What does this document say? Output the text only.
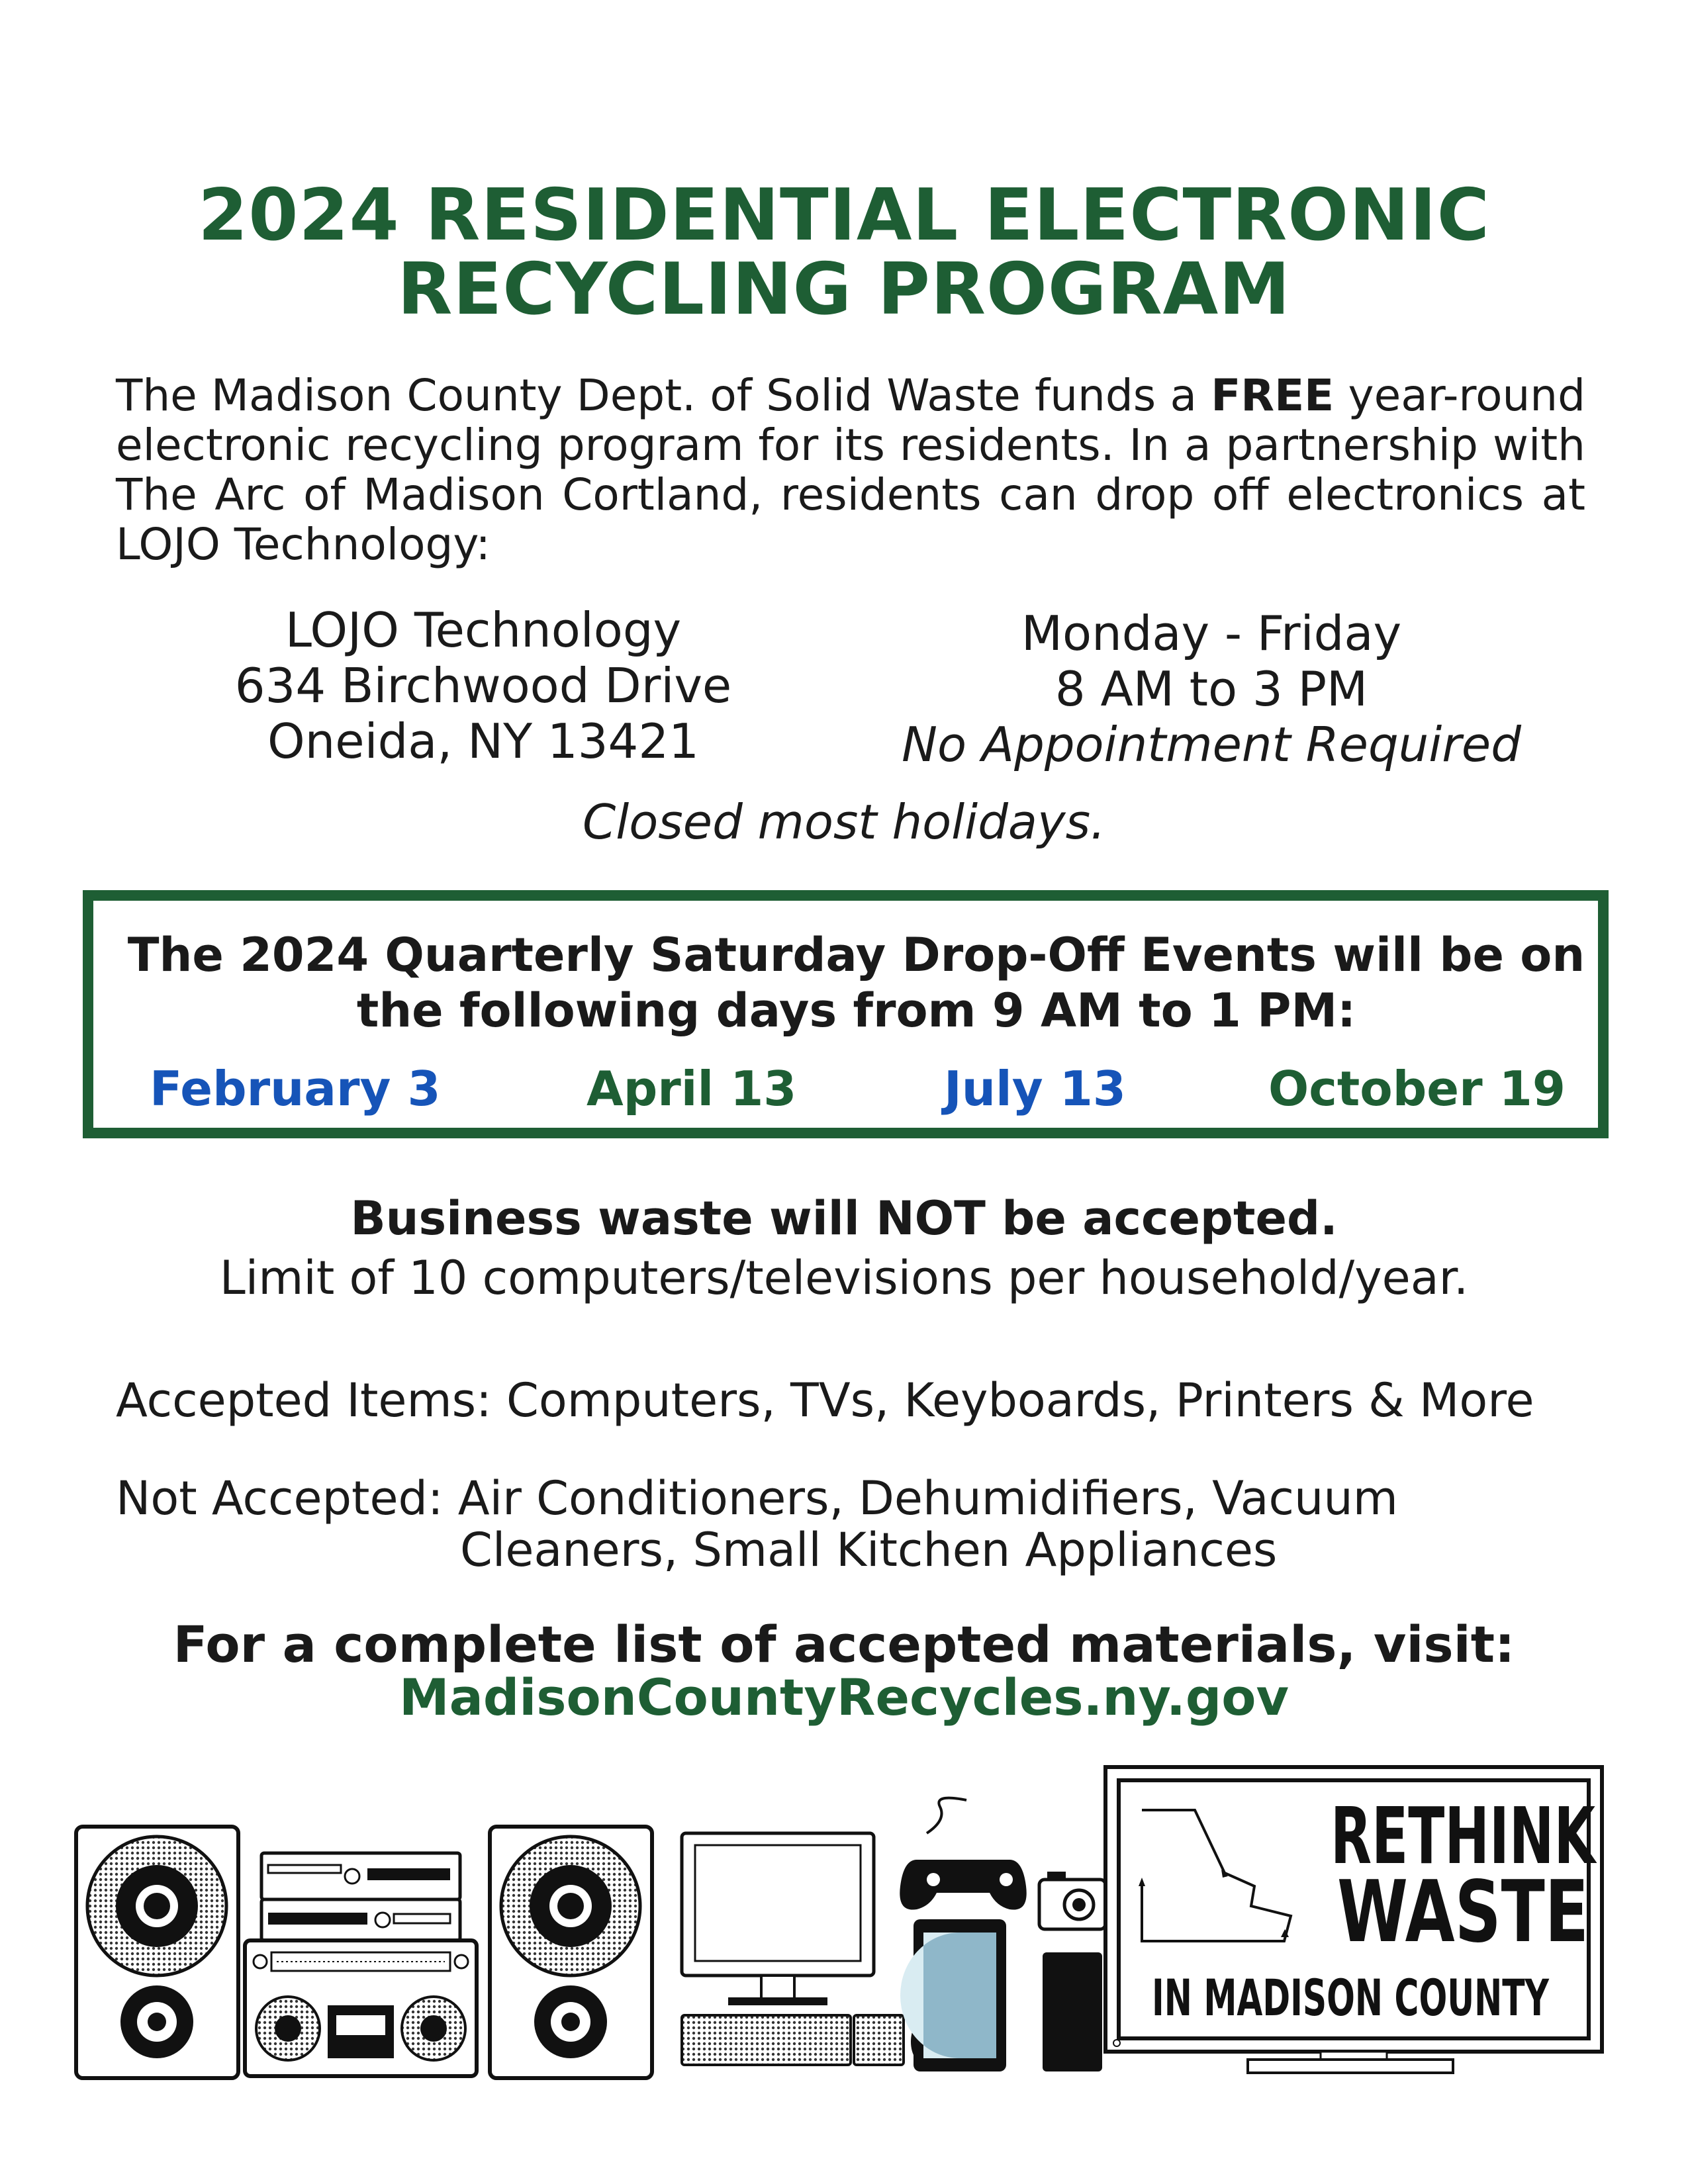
2024 RESIDENTIAL ELECTRONIC
RECYCLING PROGRAM
The Madison County Dept. of Solid Waste funds a FREE year-round electronic recycling program for its residents. In a partnership with The Arc of Madison Cortland, residents can drop off electronics at LOJO Technology:
LOJO Technology
634 Birchwood Drive
Oneida, NY 13421
Monday - Friday
8 AM to 3 PM
No Appointment Required
Closed most holidays.
The 2024 Quarterly Saturday Drop-Off Events will be on
the following days from 9 AM to 1 PM:
February 3	April 13	July 13	October 19
Business waste will NOT be accepted.
Limit of 10 computers/televisions per household/year.
Accepted Items: Computers, TVs, Keyboards, Printers & More
Not Accepted: Air Conditioners, Dehumidifiers, Vacuum
Cleaners, Small Kitchen Appliances
For a complete list of accepted materials, visit:
MadisonCountyRecycles.ny.gov
RETHINK
WASTE
IN MADISON COUNTY
